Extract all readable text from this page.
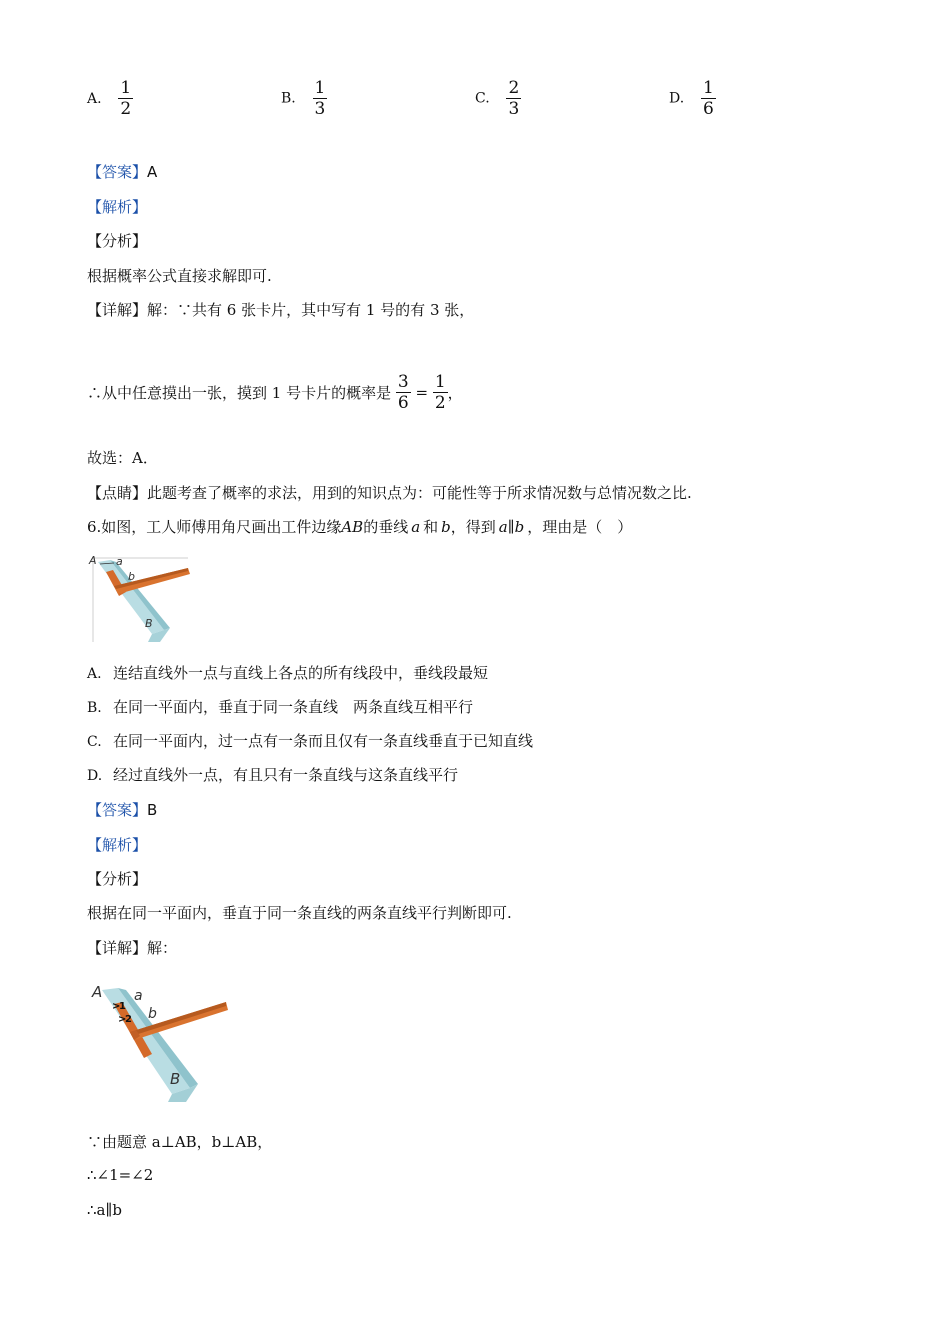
A. $\frac{1}{2}$	B. $\frac{1}{3}$	C. $\frac{2}{3}$	D. $\frac{1}{6}$
【答案】A
【解析】
【分析】
根据概率公式直接求解即可.
【详解】解：∵共有 6 张卡片，其中写有 1 号的有 3 张，
∴从中任意摸出一张，摸到 1 号卡片的概率是 $\frac{3}{6} = \frac{1}{2}$ ，
故选：A．
【点睛】此题考查了概率的求法，用到的知识点为：可能性等于所求情况数与总情况数之比.
6.如图，工人师傅用角尺画出工件边缘AB的垂线 a 和 b，得到 a∥b ，理由是（　）
A a
b
B
A. 连结直线外一点与直线上各点的所有线段中，垂线段最短
B. 在同一平面内，垂直于同一条直线　两条直线互相平行
C. 在同一平面内，过一点有一条而且仅有一条直线垂直于已知直线
D. 经过直线外一点，有且只有一条直线与这条直线平行
【答案】B
【解析】
【分析】
根据在同一平面内，垂直于同一条直线的两条直线平行判断即可.
【详解】解：
A a
b
B
>
1
>
2
∵由题意 a⊥AB，b⊥AB，
∴∠1=∠2
∴a∥b
